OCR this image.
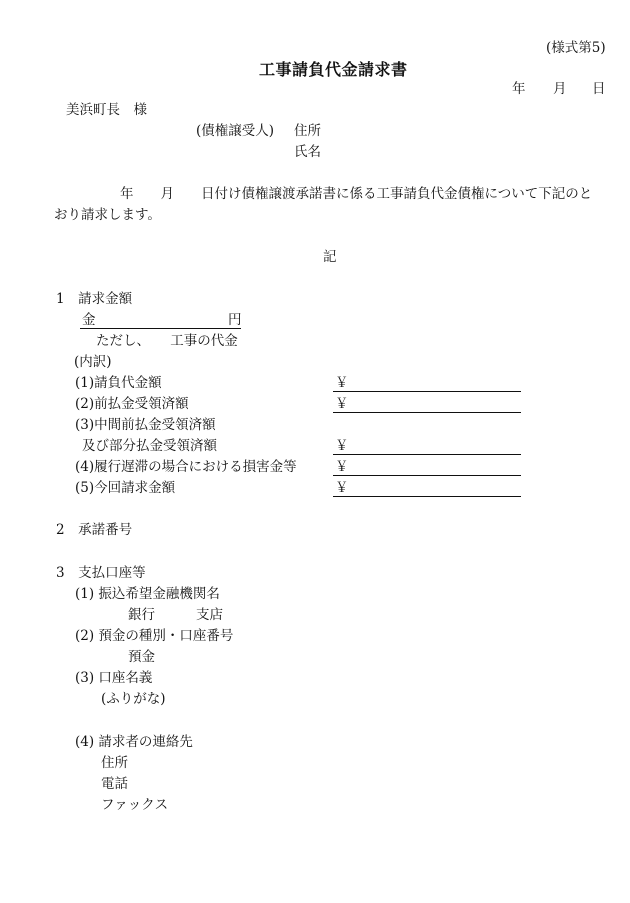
(様式第5)
工事請負代金請求書
年 月 日
美浜町長　様
(債権譲受人) 住所
氏名
年　　月　　日付け債権譲渡承諾書に係る工事請負代金債権について下記のと
おり請求します。
記
1　請求金額
金	円
ただし、　　工事の代金
(内訳)
(1)請負代金額	￥
(2)前払金受領済額	￥
(3)中間前払金受領済額
及び部分払金受領済額	￥
(4)履行遅滞の場合における損害金等	￥
(5)今回請求金額	￥
2　承諾番号
3　支払口座等
(1) 振込希望金融機関名
銀行	支店
(2) 預金の種別・口座番号
預金
(3) 口座名義
(ふりがな)
(4) 請求者の連絡先
住所
電話
ファックス
